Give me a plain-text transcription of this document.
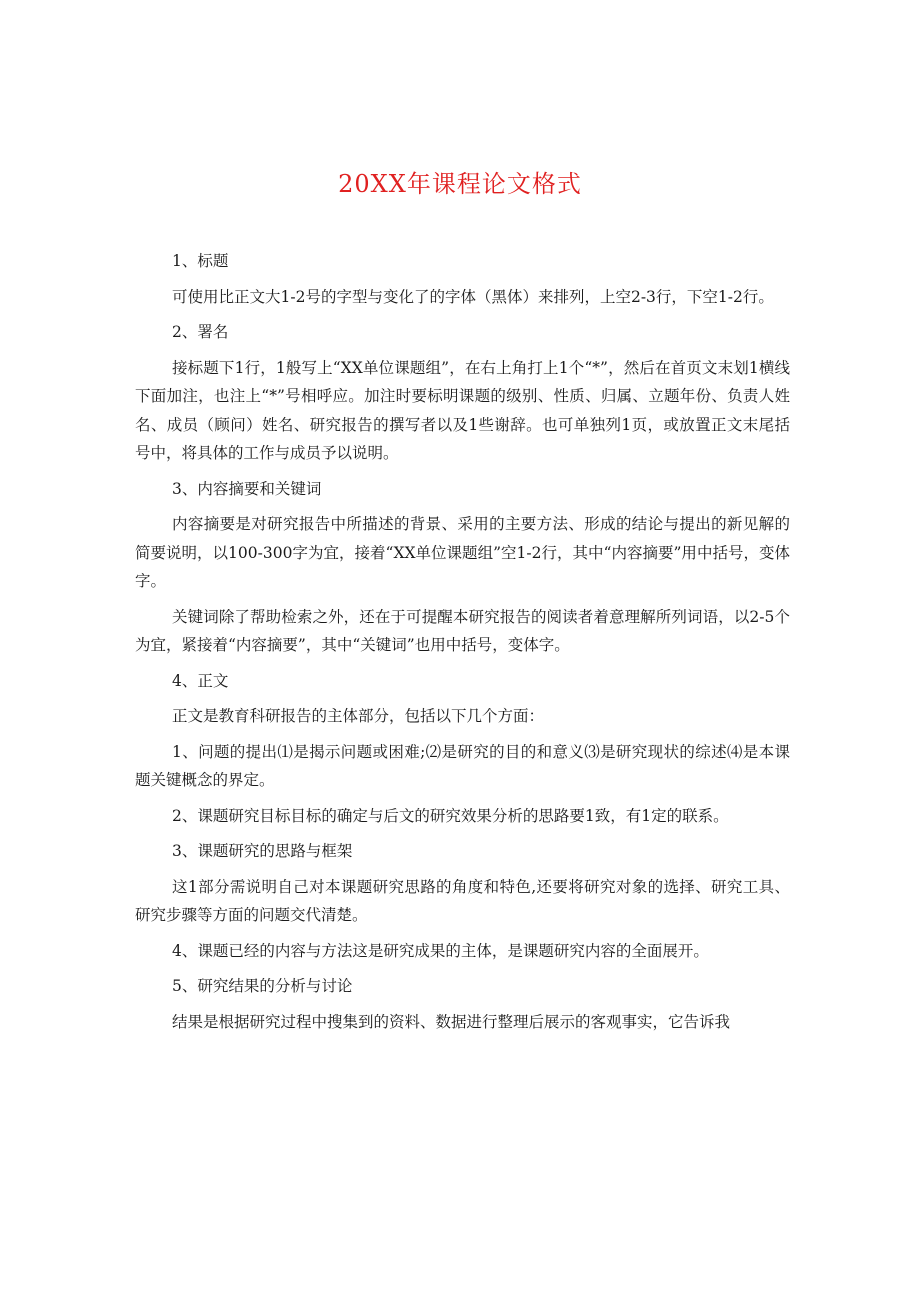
20XX年课程论文格式

1、标题

可使用比正文大1-2号的字型与变化了的字体（黑体）来排列，上空2-3行，下空1-2行。

2、署名

接标题下1行，1般写上“XX单位课题组”，在右上角打上1个“*”，然后在首页文末划1横线下面加注，也注上“*”号相呼应。加注时要标明课题的级别、性质、归属、立题年份、负责人姓名、成员（顾问）姓名、研究报告的撰写者以及1些谢辞。也可单独列1页，或放置正文末尾括号中，将具体的工作与成员予以说明。

3、内容摘要和关键词

内容摘要是对研究报告中所描述的背景、采用的主要方法、形成的结论与提出的新见解的简要说明，以100-300字为宜，接着“XX单位课题组”空1-2行，其中“内容摘要”用中括号，变体字。

关键词除了帮助检索之外，还在于可提醒本研究报告的阅读者着意理解所列词语，以2-5个为宜，紧接着“内容摘要”，其中“关键词”也用中括号，变体字。

4、正文

正文是教育科研报告的主体部分，包括以下几个方面：

1、问题的提出⑴是揭示问题或困难;⑵是研究的目的和意义⑶是研究现状的综述⑷是本课题关键概念的界定。

2、课题研究目标目标的确定与后文的研究效果分析的思路要1致，有1定的联系。

3、课题研究的思路与框架

这1部分需说明自己对本课题研究思路的角度和特色,还要将研究对象的选择、研究工具、研究步骤等方面的问题交代清楚。

4、课题已经的内容与方法这是研究成果的主体，是课题研究内容的全面展开。

5、研究结果的分析与讨论

结果是根据研究过程中搜集到的资料、数据进行整理后展示的客观事实，它告诉我
